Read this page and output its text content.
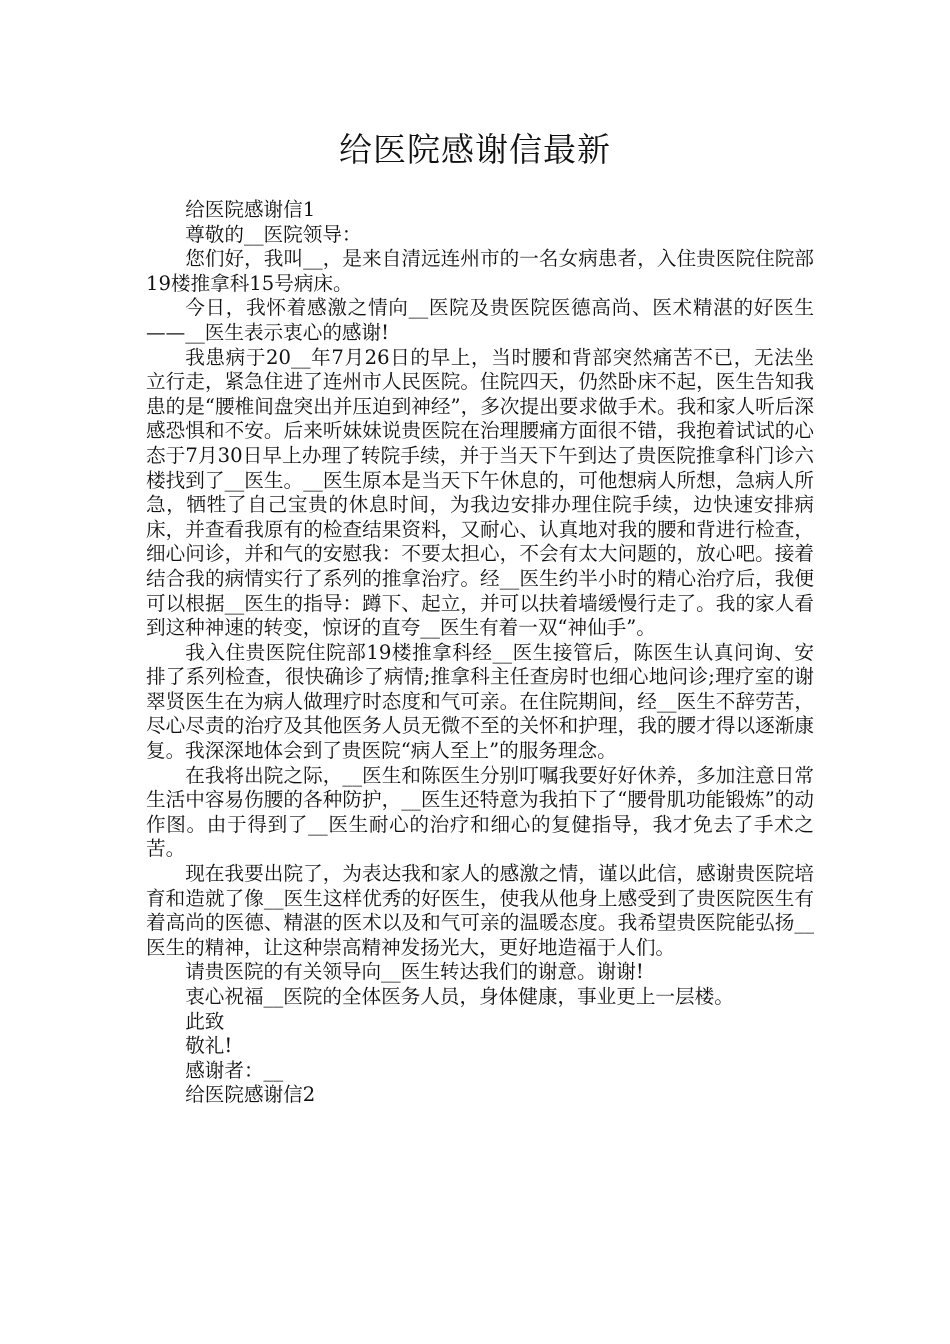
给医院感谢信最新

给医院感谢信1

尊敬的__医院领导：

您们好，我叫__，是来自清远连州市的一名女病患者，入住贵医院住院部19楼推拿科15号病床。

今日，我怀着感激之情向__医院及贵医院医德高尚、医术精湛的好医生——__医生表示衷心的感谢!

我患病于20__年7月26日的早上，当时腰和背部突然痛苦不已，无法坐立行走，紧急住进了连州市人民医院。住院四天，仍然卧床不起，医生告知我患的是“腰椎间盘突出并压迫到神经”，多次提出要求做手术。我和家人听后深感恐惧和不安。后来听妹妹说贵医院在治理腰痛方面很不错，我抱着试试的心态于7月30日早上办理了转院手续，并于当天下午到达了贵医院推拿科门诊六楼找到了__医生。__医生原本是当天下午休息的，可他想病人所想，急病人所急，牺牲了自己宝贵的休息时间，为我边安排办理住院手续，边快速安排病床，并查看我原有的检查结果资料，又耐心、认真地对我的腰和背进行检查，细心问诊，并和气的安慰我：不要太担心，不会有太大问题的，放心吧。接着结合我的病情实行了系列的推拿治疗。经__医生约半小时的精心治疗后，我便可以根据__医生的指导：蹲下、起立，并可以扶着墙缓慢行走了。我的家人看到这种神速的转变，惊讶的直夸__医生有着一双“神仙手”。

我入住贵医院住院部19楼推拿科经__医生接管后，陈医生认真问询、安排了系列检查，很快确诊了病情;推拿科主任查房时也细心地问诊;理疗室的谢翠贤医生在为病人做理疗时态度和气可亲。在住院期间，经__医生不辞劳苦，尽心尽责的治疗及其他医务人员无微不至的关怀和护理，我的腰才得以逐渐康复。我深深地体会到了贵医院“病人至上”的服务理念。

在我将出院之际，__医生和陈医生分别叮嘱我要好好休养，多加注意日常生活中容易伤腰的各种防护，__医生还特意为我拍下了“腰骨肌功能锻炼”的动作图。由于得到了__医生耐心的治疗和细心的复健指导，我才免去了手术之苦。

现在我要出院了，为表达我和家人的感激之情，谨以此信，感谢贵医院培育和造就了像__医生这样优秀的好医生，使我从他身上感受到了贵医院医生有着高尚的医德、精湛的医术以及和气可亲的温暖态度。我希望贵医院能弘扬__医生的精神，让这种崇高精神发扬光大，更好地造福于人们。

请贵医院的有关领导向__医生转达我们的谢意。谢谢!

衷心祝福__医院的全体医务人员，身体健康，事业更上一层楼。

此致

敬礼!

感谢者：__

给医院感谢信2
